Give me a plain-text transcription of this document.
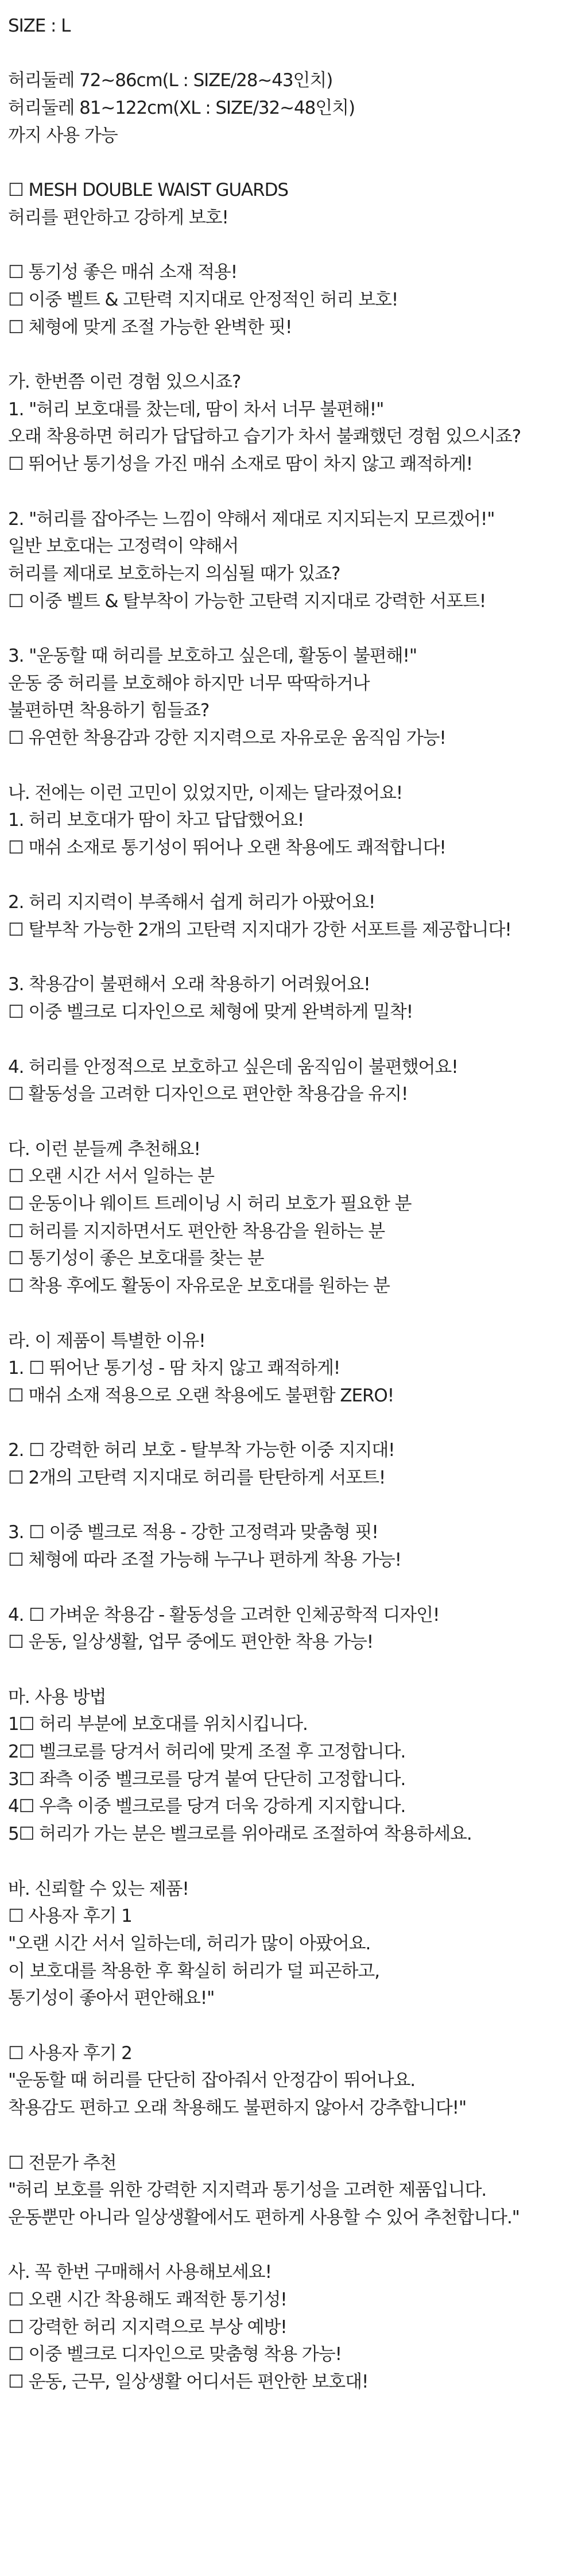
SIZE : L
허리둘레 72~86cm(L : SIZE/28~43인치)
허리둘레 81~122cm(XL : SIZE/32~48인치)
까지 사용 가능
☐ MESH DOUBLE WAIST GUARDS
허리를 편안하고 강하게 보호!
☐ 통기성 좋은 매쉬 소재 적용!
☐ 이중 벨트 & 고탄력 지지대로 안정적인 허리 보호!
☐ 체형에 맞게 조절 가능한 완벽한 핏!
가. 한번쯤 이런 경험 있으시죠?
1. "허리 보호대를 찼는데, 땀이 차서 너무 불편해!"
오래 착용하면 허리가 답답하고 습기가 차서 불쾌했던 경험 있으시죠?
☐ 뛰어난 통기성을 가진 매쉬 소재로 땀이 차지 않고 쾌적하게!
2. "허리를 잡아주는 느낌이 약해서 제대로 지지되는지 모르겠어!"
일반 보호대는 고정력이 약해서
허리를 제대로 보호하는지 의심될 때가 있죠?
☐ 이중 벨트 & 탈부착이 가능한 고탄력 지지대로 강력한 서포트!
3. "운동할 때 허리를 보호하고 싶은데, 활동이 불편해!"
운동 중 허리를 보호해야 하지만 너무 딱딱하거나
불편하면 착용하기 힘들죠?
☐ 유연한 착용감과 강한 지지력으로 자유로운 움직임 가능!
나. 전에는 이런 고민이 있었지만, 이제는 달라졌어요!
1. 허리 보호대가 땀이 차고 답답했어요!
☐ 매쉬 소재로 통기성이 뛰어나 오랜 착용에도 쾌적합니다!
2. 허리 지지력이 부족해서 쉽게 허리가 아팠어요!
☐ 탈부착 가능한 2개의 고탄력 지지대가 강한 서포트를 제공합니다!
3. 착용감이 불편해서 오래 착용하기 어려웠어요!
☐ 이중 벨크로 디자인으로 체형에 맞게 완벽하게 밀착!
4. 허리를 안정적으로 보호하고 싶은데 움직임이 불편했어요!
☐ 활동성을 고려한 디자인으로 편안한 착용감을 유지!
다. 이런 분들께 추천해요!
☐ 오랜 시간 서서 일하는 분
☐ 운동이나 웨이트 트레이닝 시 허리 보호가 필요한 분
☐ 허리를 지지하면서도 편안한 착용감을 원하는 분
☐ 통기성이 좋은 보호대를 찾는 분
☐ 착용 후에도 활동이 자유로운 보호대를 원하는 분
라. 이 제품이 특별한 이유!
1. ☐ 뛰어난 통기성 - 땀 차지 않고 쾌적하게!
☐ 매쉬 소재 적용으로 오랜 착용에도 불편함 ZERO!
2. ☐ 강력한 허리 보호 - 탈부착 가능한 이중 지지대!
☐ 2개의 고탄력 지지대로 허리를 탄탄하게 서포트!
3. ☐ 이중 벨크로 적용 - 강한 고정력과 맞춤형 핏!
☐ 체형에 따라 조절 가능해 누구나 편하게 착용 가능!
4. ☐ 가벼운 착용감 - 활동성을 고려한 인체공학적 디자인!
☐ 운동, 일상생활, 업무 중에도 편안한 착용 가능!
마. 사용 방법
1☐ 허리 부분에 보호대를 위치시킵니다.
2☐ 벨크로를 당겨서 허리에 맞게 조절 후 고정합니다.
3☐ 좌측 이중 벨크로를 당겨 붙여 단단히 고정합니다.
4☐ 우측 이중 벨크로를 당겨 더욱 강하게 지지합니다.
5☐ 허리가 가는 분은 벨크로를 위아래로 조절하여 착용하세요.
바. 신뢰할 수 있는 제품!
☐ 사용자 후기 1
"오랜 시간 서서 일하는데, 허리가 많이 아팠어요.
이 보호대를 착용한 후 확실히 허리가 덜 피곤하고,
통기성이 좋아서 편안해요!"
☐ 사용자 후기 2
"운동할 때 허리를 단단히 잡아줘서 안정감이 뛰어나요.
착용감도 편하고 오래 착용해도 불편하지 않아서 강추합니다!"
☐ 전문가 추천
"허리 보호를 위한 강력한 지지력과 통기성을 고려한 제품입니다.
운동뿐만 아니라 일상생활에서도 편하게 사용할 수 있어 추천합니다."
사. 꼭 한번 구매해서 사용해보세요!
☐ 오랜 시간 착용해도 쾌적한 통기성!
☐ 강력한 허리 지지력으로 부상 예방!
☐ 이중 벨크로 디자인으로 맞춤형 착용 가능!
☐ 운동, 근무, 일상생활 어디서든 편안한 보호대!
